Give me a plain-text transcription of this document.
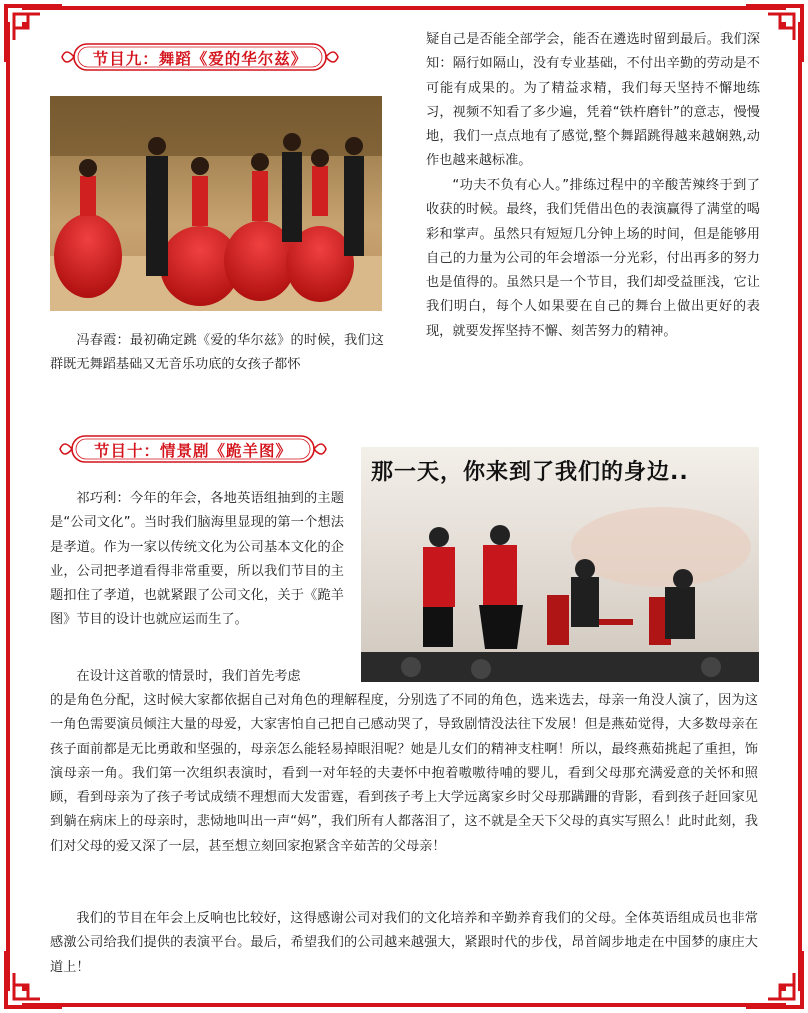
节目九：舞蹈《爱的华尔兹》

冯春霞：最初确定跳《爱的华尔兹》的时候，我们这群既无舞蹈基础又无音乐功底的女孩子都怀

疑自己是否能全部学会，能否在遴选时留到最后。我们深知：隔行如隔山，没有专业基础，不付出辛勤的劳动是不可能有成果的。为了精益求精，我们每天坚持不懈地练习，视频不知看了多少遍，凭着“铁杵磨针”的意志，慢慢地，我们一点点地有了感觉,整个舞蹈跳得越来越娴熟,动作也越来越标准。

“功夫不负有心人。”排练过程中的辛酸苦辣终于到了收获的时候。最终，我们凭借出色的表演赢得了满堂的喝彩和掌声。虽然只有短短几分钟上场的时间，但是能够用自己的力量为公司的年会增添一分光彩，付出再多的努力也是值得的。虽然只是一个节目，我们却受益匪浅，它让我们明白，每个人如果要在自己的舞台上做出更好的表现，就要发挥坚持不懈、刻苦努力的精神。

节目十：情景剧《跪羊图》
那一天，你来到了我们的身边..

祁巧利：今年的年会，各地英语组抽到的主题是“公司文化”。当时我们脑海里显现的第一个想法是孝道。作为一家以传统文化为公司基本文化的企业，公司把孝道看得非常重要，所以我们节目的主题扣住了孝道，也就紧跟了公司文化，关于《跪羊图》节目的设计也就应运而生了。

在设计这首歌的情景时，我们首先考虑

的是角色分配，这时候大家都依据自己对角色的理解程度，分别选了不同的角色，选来选去，母亲一角没人演了，因为这一角色需要演员倾注大量的母爱，大家害怕自己把自己感动哭了，导致剧情没法往下发展！但是燕茹觉得，大多数母亲在孩子面前都是无比勇敢和坚强的，母亲怎么能轻易掉眼泪呢？她是儿女们的精神支柱啊！所以，最终燕茹挑起了重担，饰演母亲一角。我们第一次组织表演时，看到一对年轻的夫妻怀中抱着嗷嗷待哺的婴儿，看到父母那充满爱意的关怀和照顾，看到母亲为了孩子考试成绩不理想而大发雷霆，看到孩子考上大学远离家乡时父母那蹒跚的背影，看到孩子赶回家见到躺在病床上的母亲时，悲恸地叫出一声“妈”，我们所有人都落泪了，这不就是全天下父母的真实写照么！此时此刻，我们对父母的爱又深了一层，甚至想立刻回家抱紧含辛茹苦的父母亲！

我们的节目在年会上反响也比较好，这得感谢公司对我们的文化培养和辛勤养育我们的父母。全体英语组成员也非常感激公司给我们提供的表演平台。最后，希望我们的公司越来越强大，紧跟时代的步伐，昂首阔步地走在中国梦的康庄大道上！
